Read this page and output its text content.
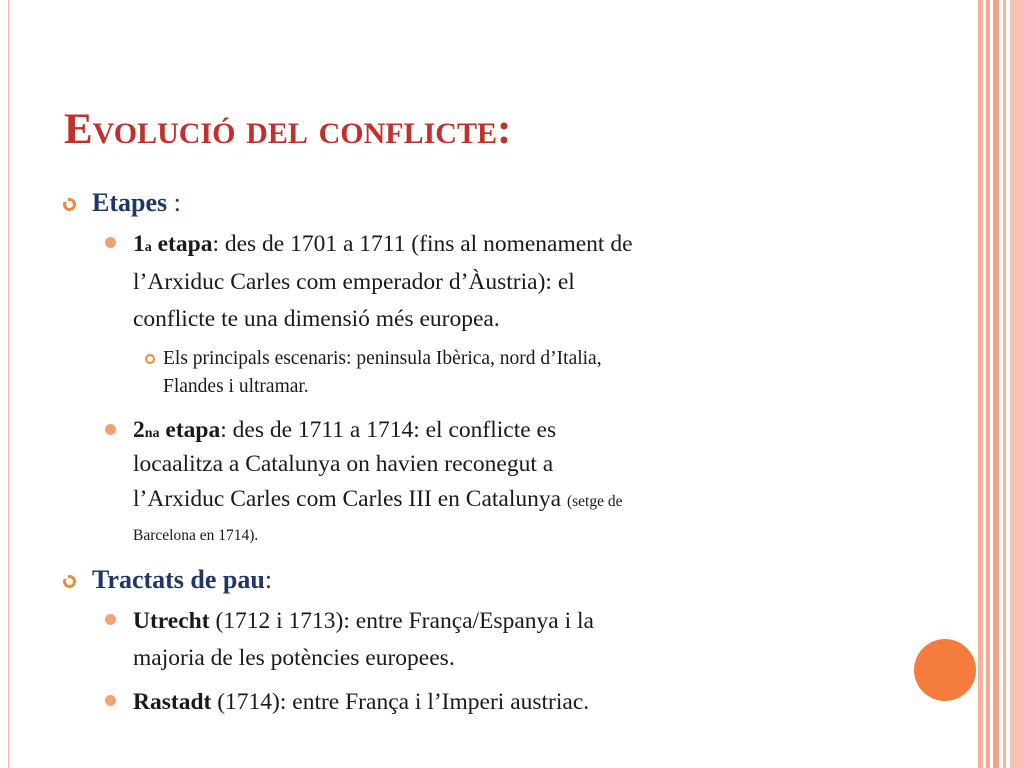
Evolució del conflicte:
Etapes :
1a etapa: des de 1701 a 1711 (fins al nomenament de
l’Arxiduc Carles com emperador d’Àustria): el
conflicte te una dimensió més europea.
Els principals escenaris: peninsula Ibèrica, nord d’Italia,
Flandes i ultramar.
2na etapa: des de 1711 a 1714: el conflicte es
locaalitza a Catalunya on havien reconegut a
l’Arxiduc Carles com Carles III en Catalunya (setge de
Barcelona en 1714).
Tractats de pau:
Utrecht (1712 i 1713): entre França/Espanya i la
majoria de les potències europees.
Rastadt (1714): entre França i l’Imperi austriac.
